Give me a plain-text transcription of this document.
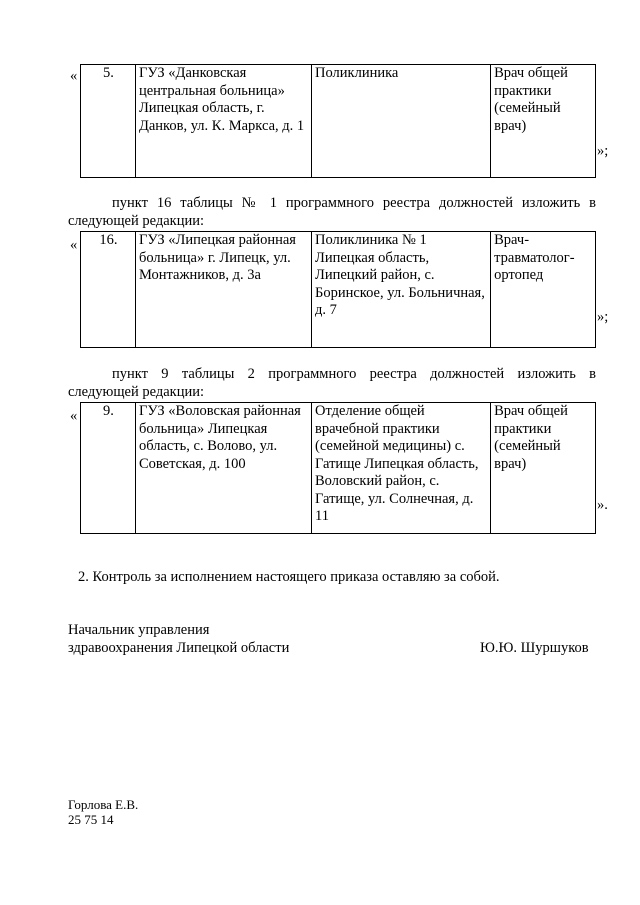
« 5.	ГУЗ «Данковская центральная больница» Липецкая область, г. Данков, ул. К. Маркса, д. 1	Поликлиника	Врач общей практики (семейный врач)
»;
пункт 16 таблицы № 1 программного реестра должностей изложить в
следующей редакции:
« 16.	ГУЗ «Липецкая районная больница» г. Липецк, ул. Монтажников, д. 3а	Поликлиника № 1 Липецкая область, Липецкий район, с. Боринское, ул. Больничная, д. 7	Врач-травматолог-ортопед
»;
пункт 9 таблицы 2 программного реестра должностей изложить в
следующей редакции:
« 9.	ГУЗ «Воловская районная больница» Липецкая область, с. Волово, ул. Советская, д. 100	Отделение общей врачебной практики (семейной медицины) с. Гатище Липецкая область, Воловский район, с. Гатище, ул. Солнечная, д. 11	Врач общей практики (семейный врач)
».
2. Контроль за исполнением настоящего приказа оставляю за собой.
Начальник управления
здравоохранения Липецкой области	Ю.Ю. Шуршуков
Горлова Е.В.
25 75 14
